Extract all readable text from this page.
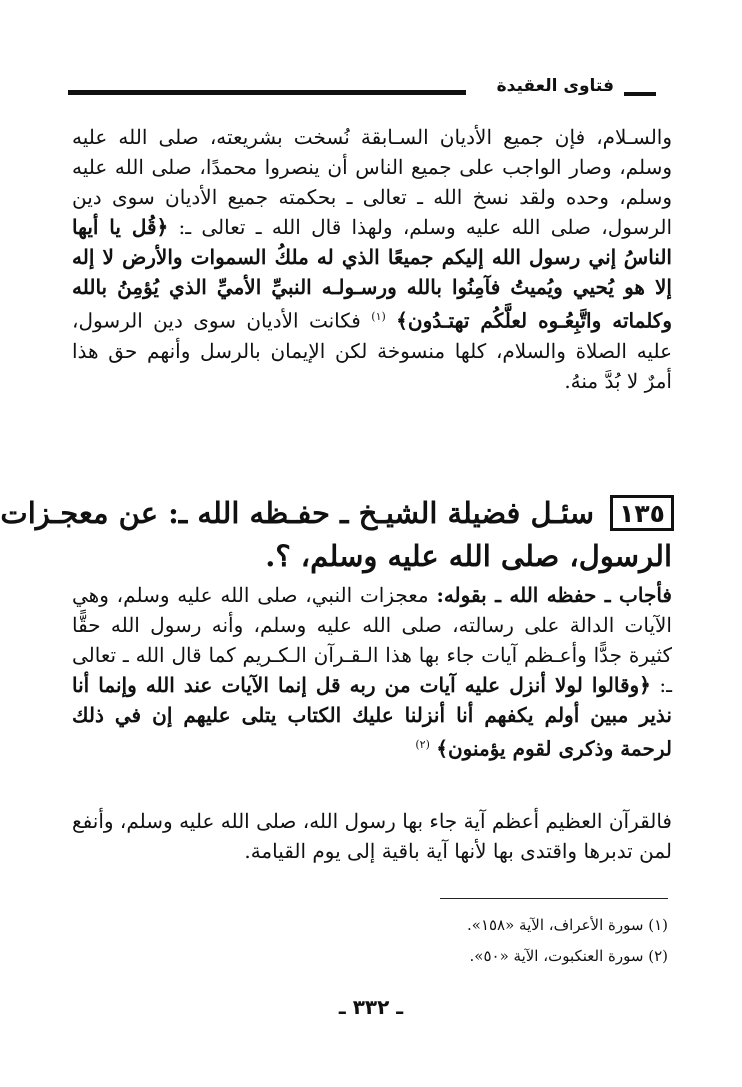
فتاوى العقيدة
والسـلام، فإن جميع الأديان السـابقة نُسخت بشريعته، صلى الله عليه وسلم، وصار الواجب على جميع الناس أن ينصروا محمدًا، صلى الله عليه وسلم، وحده ولقد نسخ الله ـ تعالى ـ بحكمته جميع الأديان سوى دين الرسول، صلى الله عليه وسلم، ولهذا قال الله ـ تعالى ـ: ﴿قُل يا أيها الناسُ إني رسول الله إليكم جميعًا الذي له ملكُ السموات والأرض لا إله إلا هو يُحيي ويُميتُ فآمِنُوا بالله ورسـولـه النبيِّ الأميِّ الذي يُؤمِنُ بالله وكلماته واتَّبِعُـوه لعلَّكُم تهتـدُون﴾ $^{(١)}$ فكانت الأديان سوى دين الرسول، عليه الصلاة والسلام، كلها منسوخة لكن الإيمان بالرسل وأنهم حق هذا أمرٌ لا بُدَّ منهُ.
١٣٥
سئـل فضيلة الشيـخ ـ حفـظه الله ـ: عن معجـزات
الرسول، صلى الله عليه وسلم، ؟.
فأجاب ـ حفظه الله ـ بقوله: معجزات النبي، صلى الله عليه وسلم، وهي الآيات الدالة على رسالته، صلى الله عليه وسلم، وأنه رسول الله حقًّا كثيرة جدًّا وأعـظم آيات جاء بها هذا الـقـرآن الـكـريم كما قال الله ـ تعالى ـ: ﴿وقالوا لولا أنزل عليه آيات من ربه قل إنما الآيات عند الله وإنما أنا نذير مبين أولم يكفهم أنا أنزلنا عليك الكتاب يتلى عليهم إن في ذلك لرحمة وذكرى لقوم يؤمنون﴾ $^{(٢)}$
فالقرآن العظيم أعظم آية جاء بها رسول الله، صلى الله عليه وسلم، وأنفع لمن تدبرها واقتدى بها لأنها آية باقية إلى يوم القيامة.
(١) سورة الأعراف، الآية «١٥٨».
(٢) سورة العنكبوت، الآية «٥٠».
ـ ٣٣٢ ـ
